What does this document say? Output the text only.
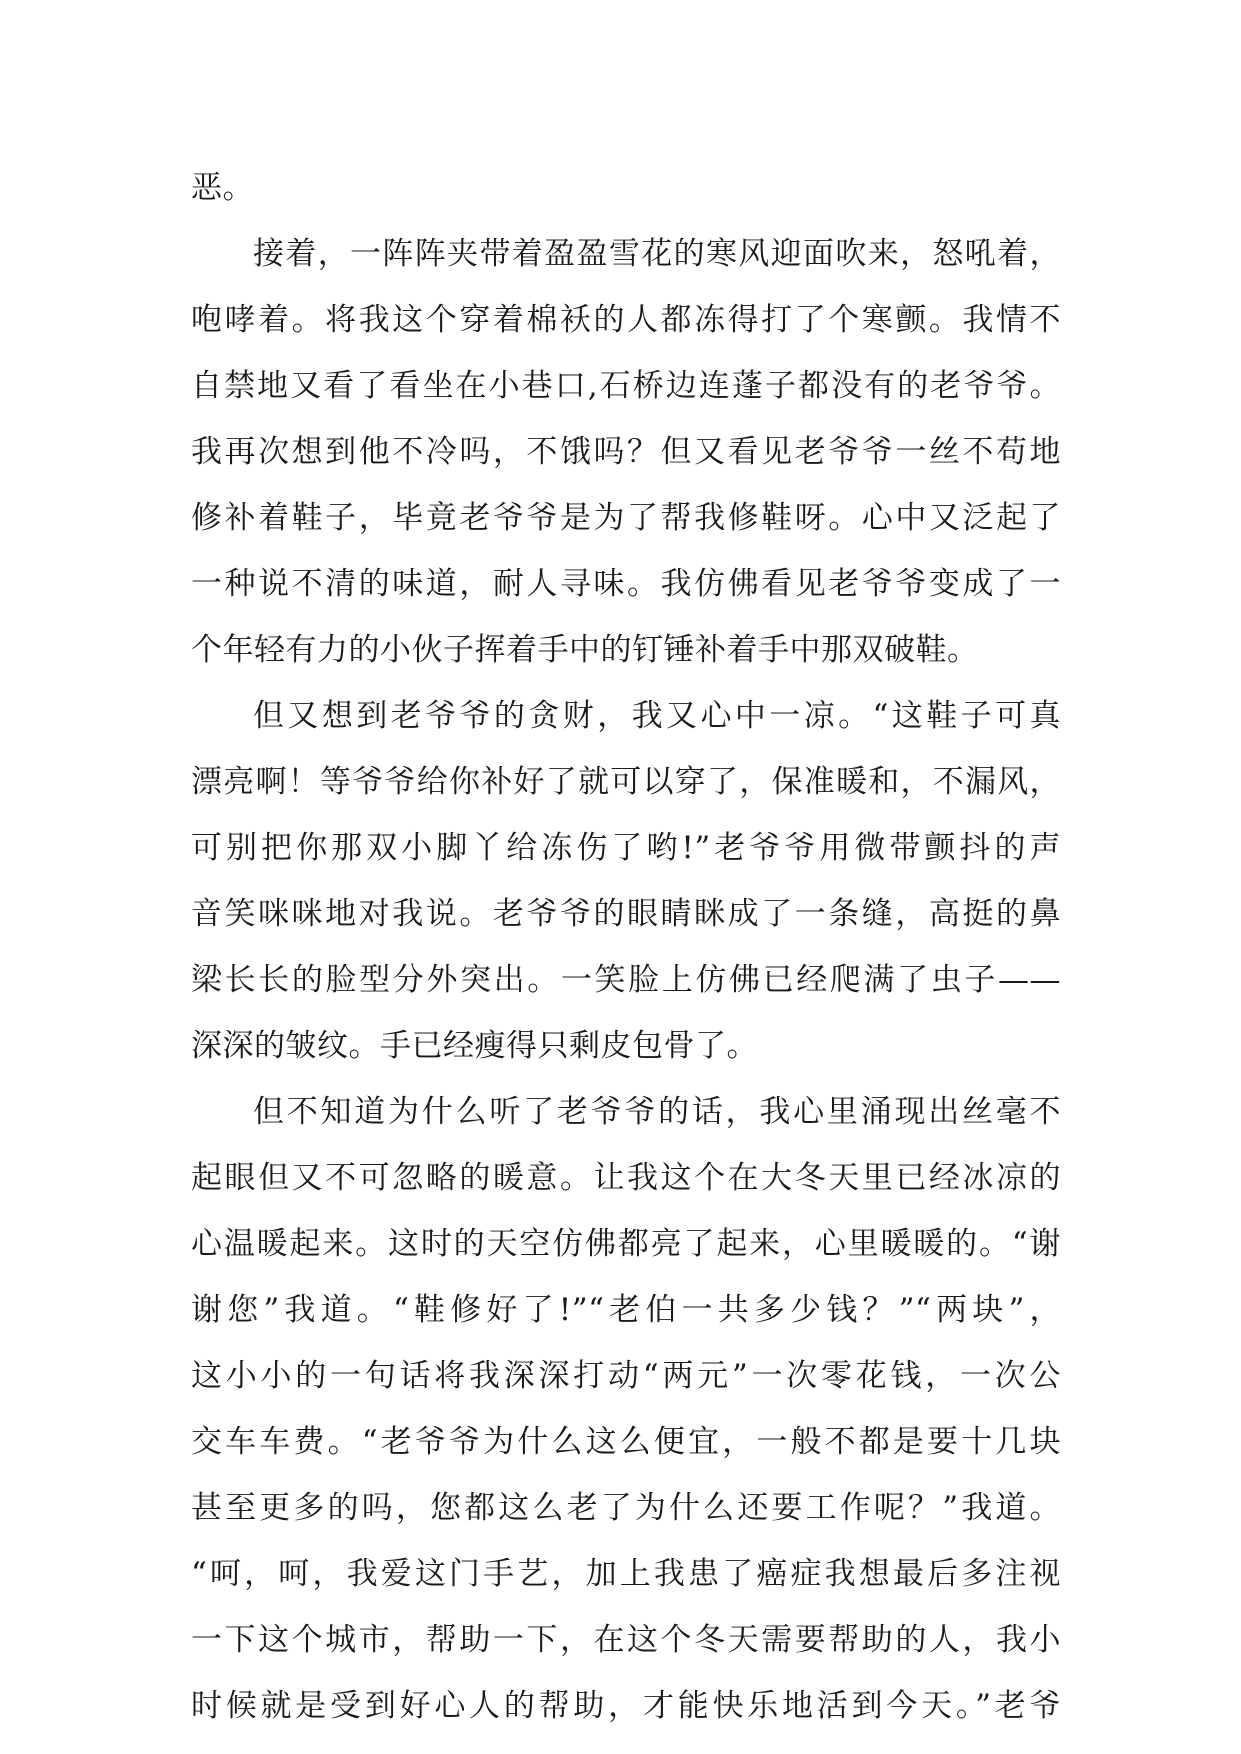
恶。
接着，一阵阵夹带着盈盈雪花的寒风迎面吹来，怒吼着，
咆哮着。将我这个穿着棉袄的人都冻得打了个寒颤。我情不
自禁地又看了看坐在小巷口,石桥边连蓬子都没有的老爷爷。
我再次想到他不冷吗，不饿吗？但又看见老爷爷一丝不苟地
修补着鞋子，毕竟老爷爷是为了帮我修鞋呀。心中又泛起了
一种说不清的味道，耐人寻味。我仿佛看见老爷爷变成了一
个年轻有力的小伙子挥着手中的钉锤补着手中那双破鞋。
但又想到老爷爷的贪财，我又心中一凉。“这鞋子可真
漂亮啊！等爷爷给你补好了就可以穿了，保准暖和，不漏风，
可别把你那双小脚丫给冻伤了哟!”老爷爷用微带颤抖的声
音笑咪咪地对我说。老爷爷的眼睛眯成了一条缝，高挺的鼻
梁长长的脸型分外突出。一笑脸上仿佛已经爬满了虫子——
深深的皱纹。手已经瘦得只剩皮包骨了。
但不知道为什么听了老爷爷的话，我心里涌现出丝毫不
起眼但又不可忽略的暖意。让我这个在大冬天里已经冰凉的
心温暖起来。这时的天空仿佛都亮了起来，心里暖暖的。“谢
谢您”我道。“鞋修好了!”“老伯一共多少钱？”“两块”，
这小小的一句话将我深深打动“两元”一次零花钱，一次公
交车车费。“老爷爷为什么这么便宜，一般不都是要十几块
甚至更多的吗，您都这么老了为什么还要工作呢？”我道。
“呵，呵，我爱这门手艺，加上我患了癌症我想最后多注视
一下这个城市，帮助一下，在这个冬天需要帮助的人，我小
时候就是受到好心人的帮助，才能快乐地活到今天。”老爷
